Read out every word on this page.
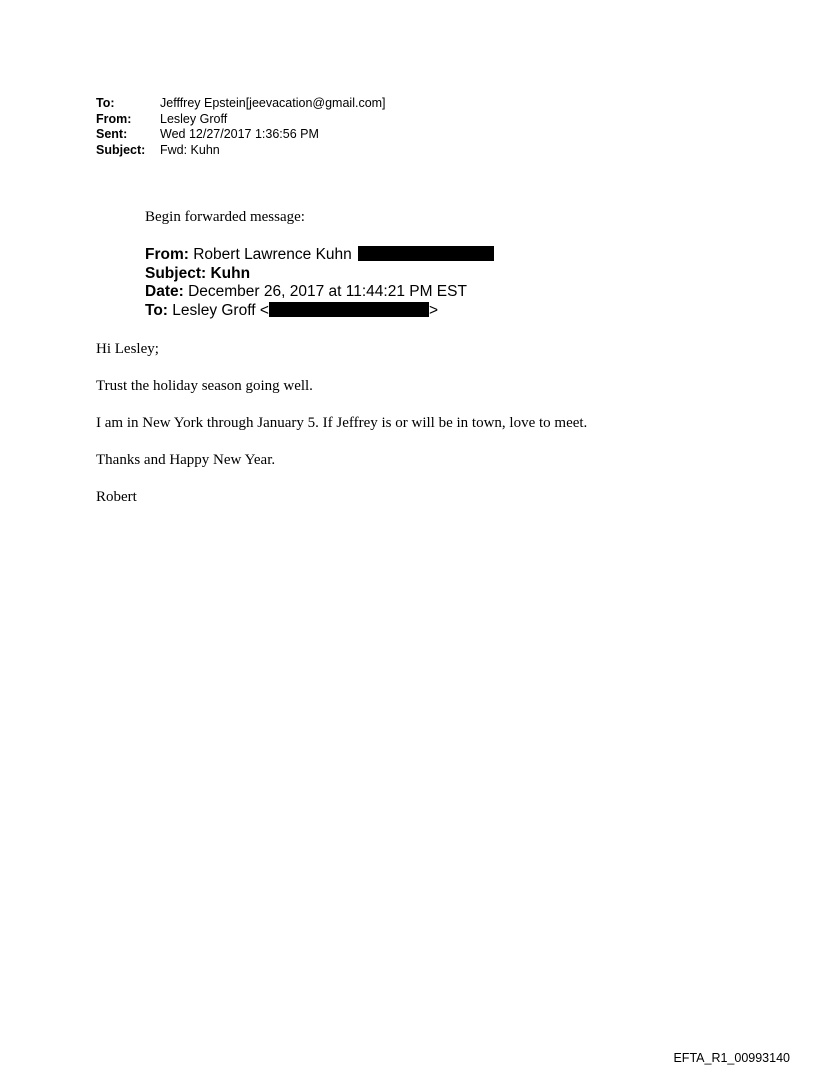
To:	Jefffrey Epstein[jeevacation@gmail.com]
From:	Lesley Groff
Sent:	Wed 12/27/2017 1:36:56 PM
Subject:	Fwd: Kuhn
Begin forwarded message:
From: Robert Lawrence Kuhn
Subject: Kuhn
Date: December 26, 2017 at 11:44:21 PM EST
To: Lesley Groff <	>

Hi Lesley;

Trust the holiday season going well.

I am in New York through January 5. If Jeffrey is or will be in town, love to meet.

Thanks and Happy New Year.

Robert

EFTA_R1_00993140
